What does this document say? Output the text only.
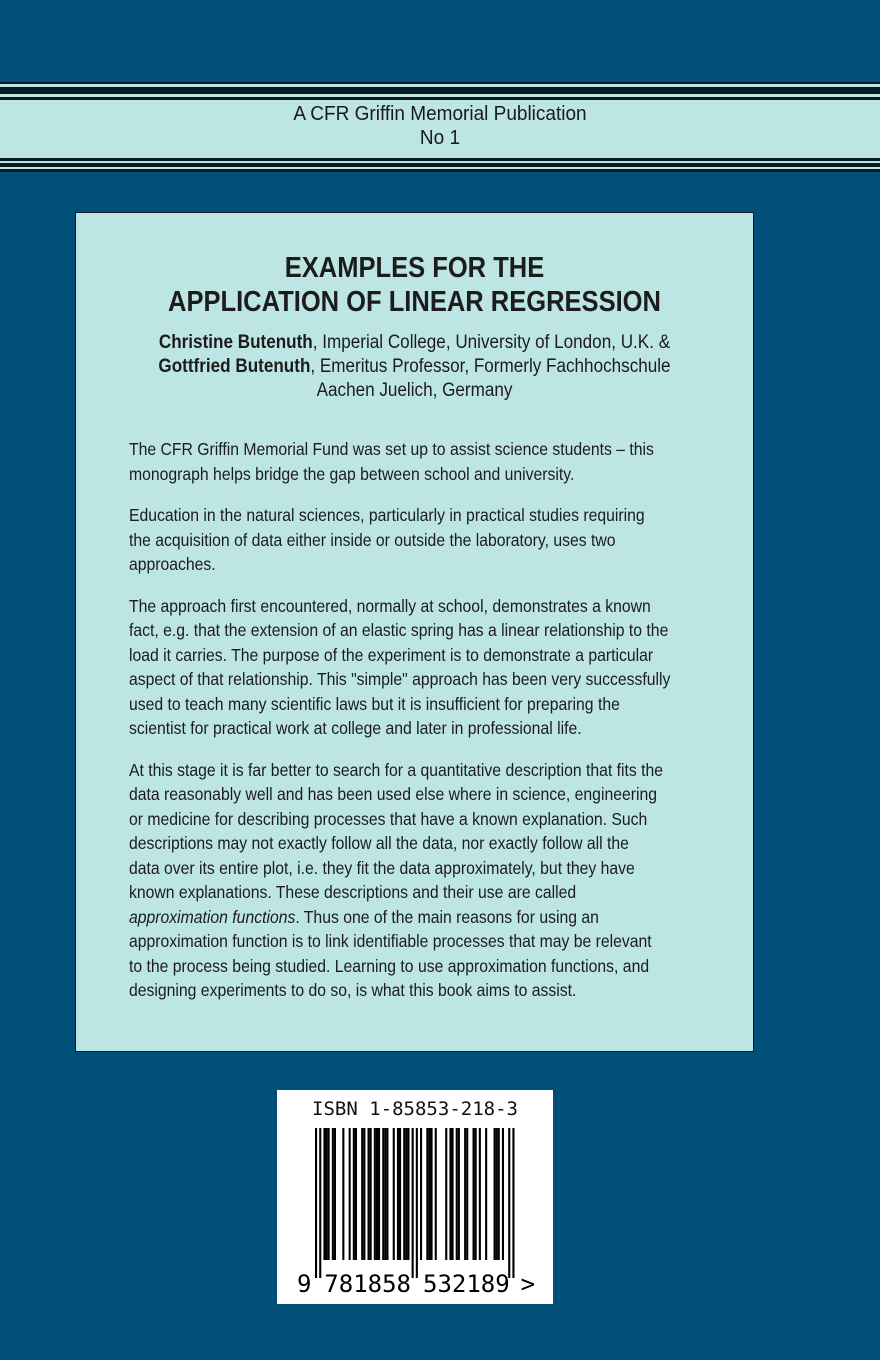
A CFR Griffin Memorial Publication
No 1
EXAMPLES FOR THE
APPLICATION OF LINEAR REGRESSION
Christine Butenuth, Imperial College, University of London, U.K. &
Gottfried Butenuth, Emeritus Professor, Formerly Fachhochschule
Aachen Juelich, Germany

The CFR Griffin Memorial Fund was set up to assist science students – this
monograph helps bridge the gap between school and university.

Education in the natural sciences, particularly in practical studies requiring
the acquisition of data either inside or outside the laboratory, uses two
approaches.

The approach first encountered, normally at school, demonstrates a known
fact, e.g. that the extension of an elastic spring has a linear relationship to the
load it carries. The purpose of the experiment is to demonstrate a particular
aspect of that relationship. This "simple" approach has been very successfully
used to teach many scientific laws but it is insufficient for preparing the
scientist for practical work at college and later in professional life.

At this stage it is far better to search for a quantitative description that fits the
data reasonably well and has been used else where in science, engineering
or medicine for describing processes that have a known explanation. Such
descriptions may not exactly follow all the data, nor exactly follow all the
data over its entire plot, i.e. they fit the data approximately, but they have
known explanations. These descriptions and their use are called
approximation functions. Thus one of the main reasons for using an
approximation function is to link identifiable processes that may be relevant
to the process being studied. Learning to use approximation functions, and
designing experiments to do so, is what this book aims to assist.

ISBN 1-85853-218-3
9 781858 532189 >
